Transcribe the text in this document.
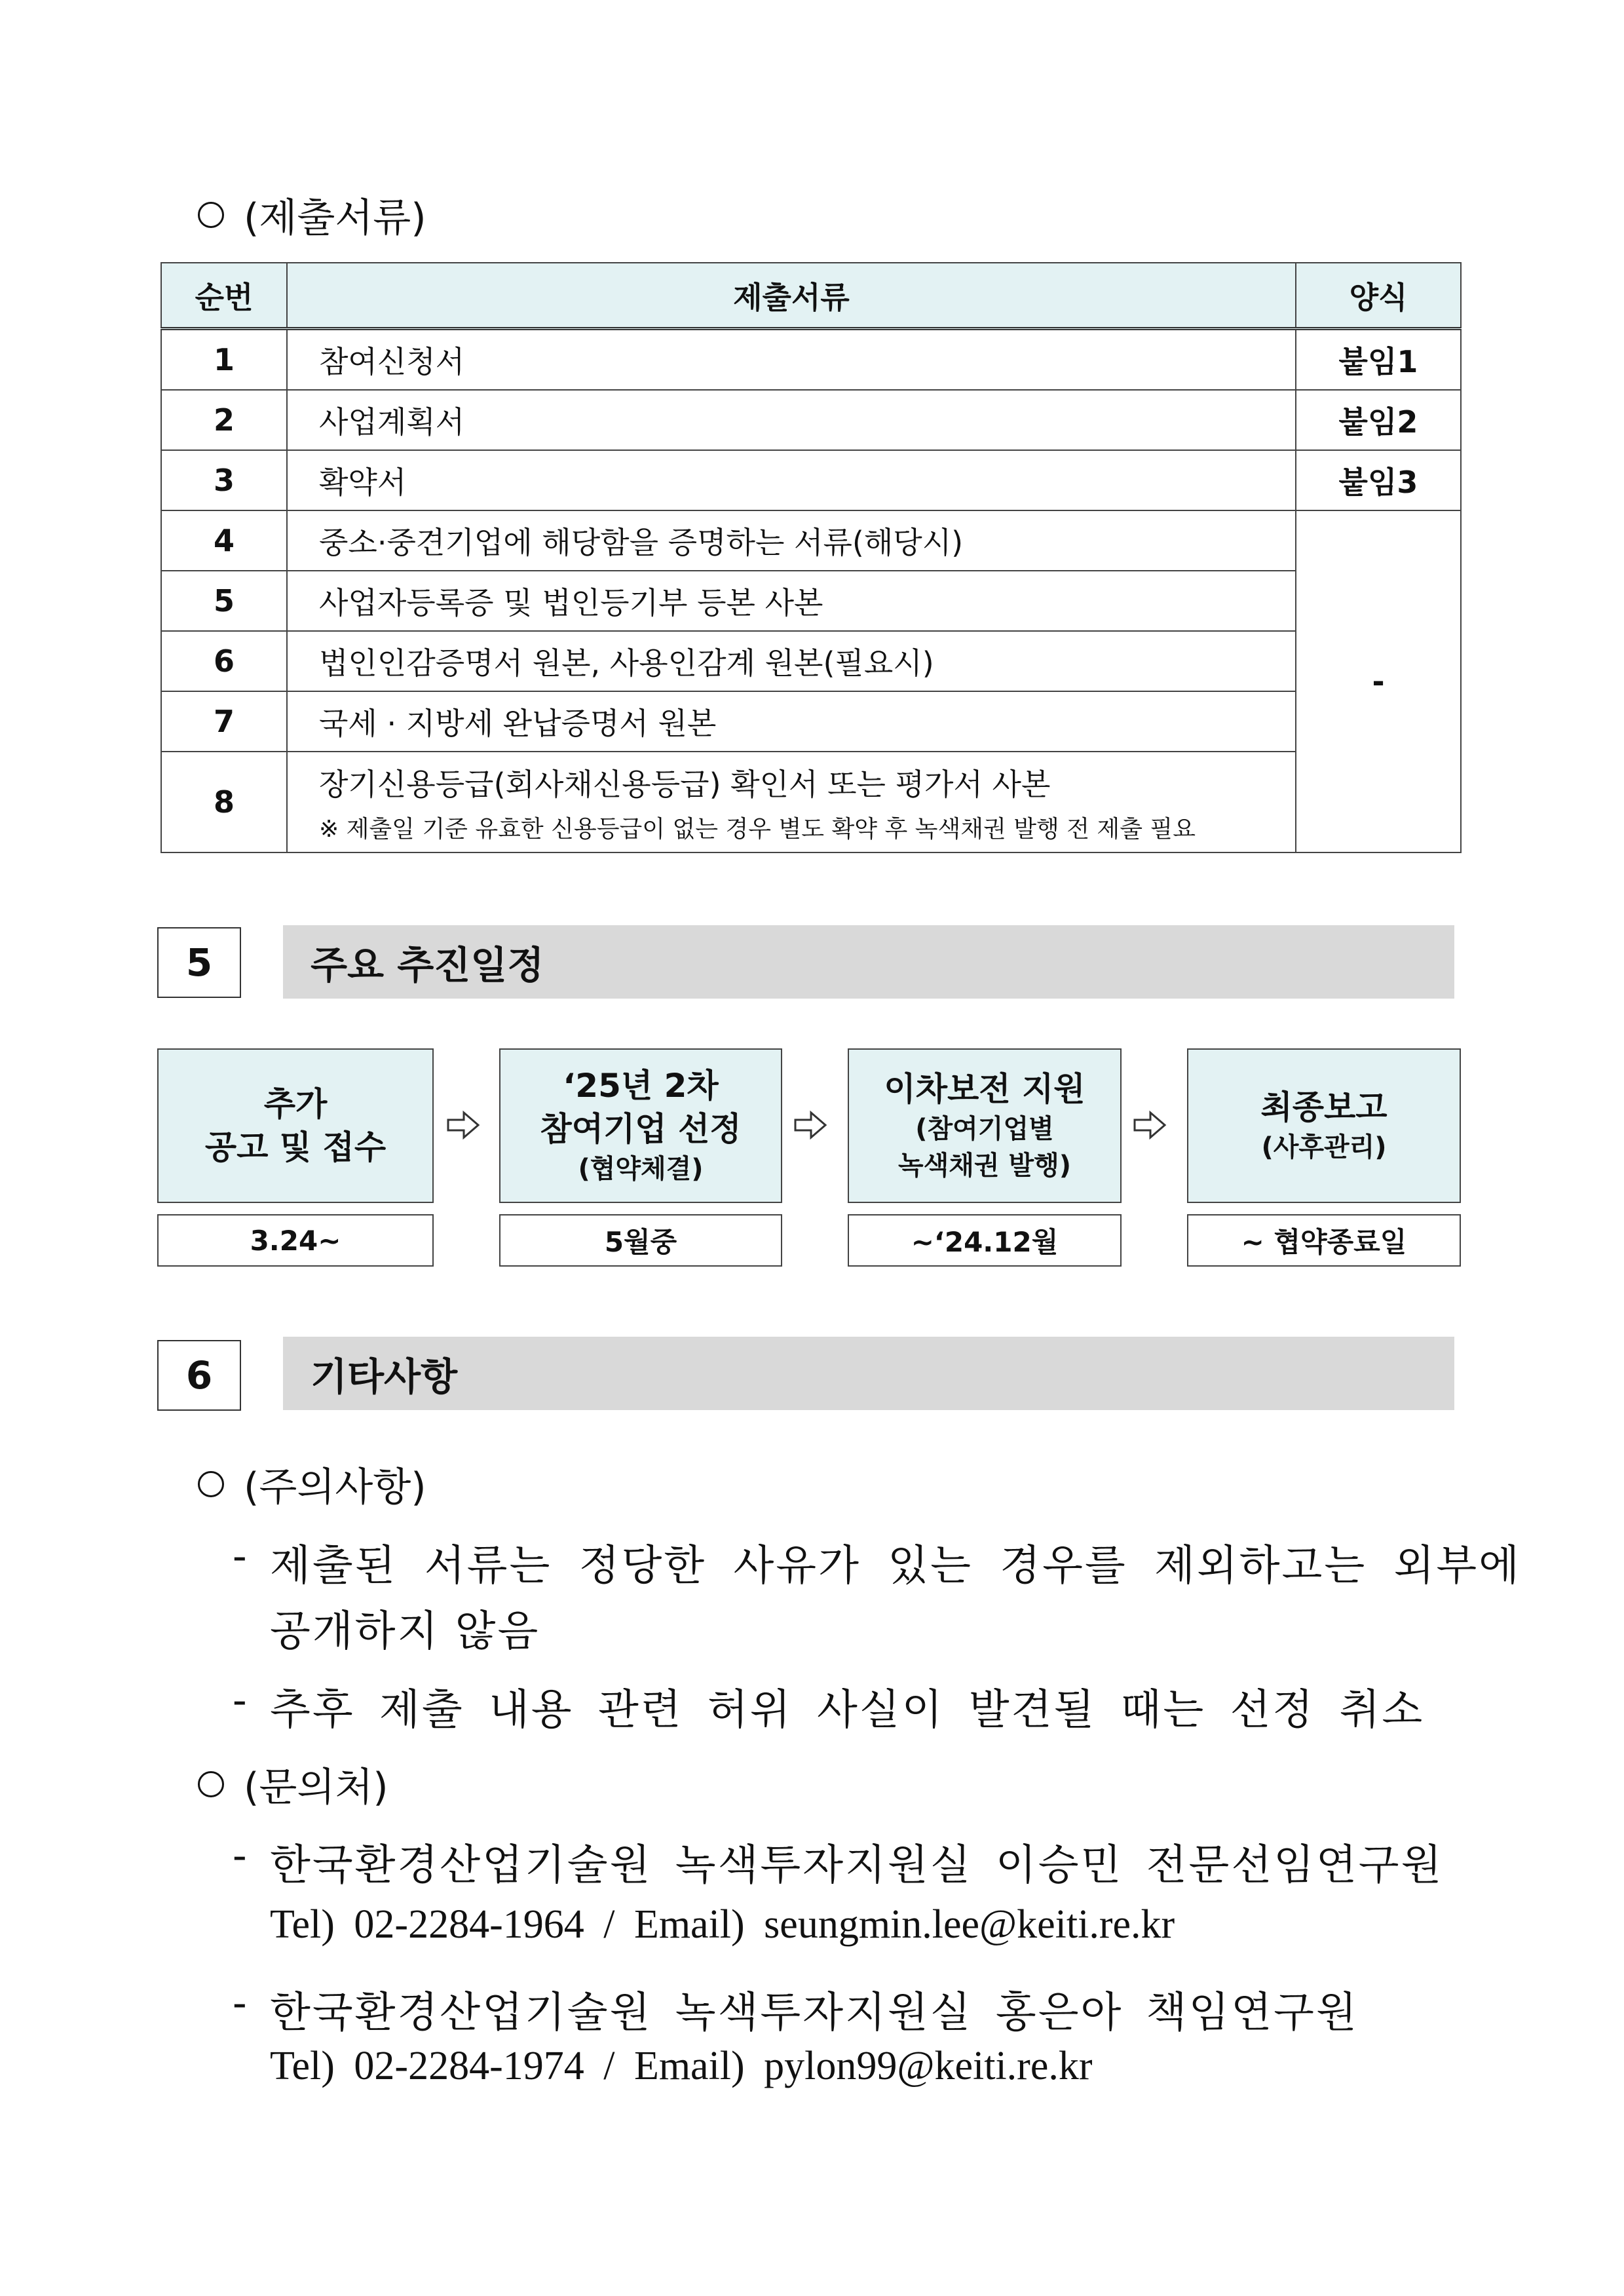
(제출서류)
순번	제출서류	양식
1	참여신청서	붙임1
2	사업계획서	붙임2
3	확약서	붙임3
4	중소·중견기업에 해당함을 증명하는 서류(해당시)	-
5	사업자등록증 및 법인등기부 등본 사본	
6	법인인감증명서 원본, 사용인감계 원본(필요시)	
7	국세 · 지방세 완납증명서 원본	
8	장기신용등급(회사채신용등급) 확인서 또는 평가서 사본
※ 제출일 기준 유효한 신용등급이 없는 경우 별도 확약 후 녹색채권 발행 전 제출 필요	
5	주요 추진일정
추가
공고 및 접수
‘25년 2차
참여기업 선정
(협약체결)
이차보전 지원
(참여기업별
녹색채권 발행)
최종보고
(사후관리)
3.24~	5월중	~‘24.12월	~ 협약종료일
6	기타사항
(주의사항)
- 제출된 서류는 정당한 사유가 있는 경우를 제외하고는 외부에
공개하지 않음
- 추후 제출 내용 관련 허위 사실이 발견될 때는 선정 취소
(문의처)
- 한국환경산업기술원 녹색투자지원실 이승민 전문선임연구원
Tel) 02-2284-1964 / Email) seungmin.lee@keiti.re.kr
- 한국환경산업기술원 녹색투자지원실 홍은아 책임연구원
Tel) 02-2284-1974 / Email) pylon99@keiti.re.kr
